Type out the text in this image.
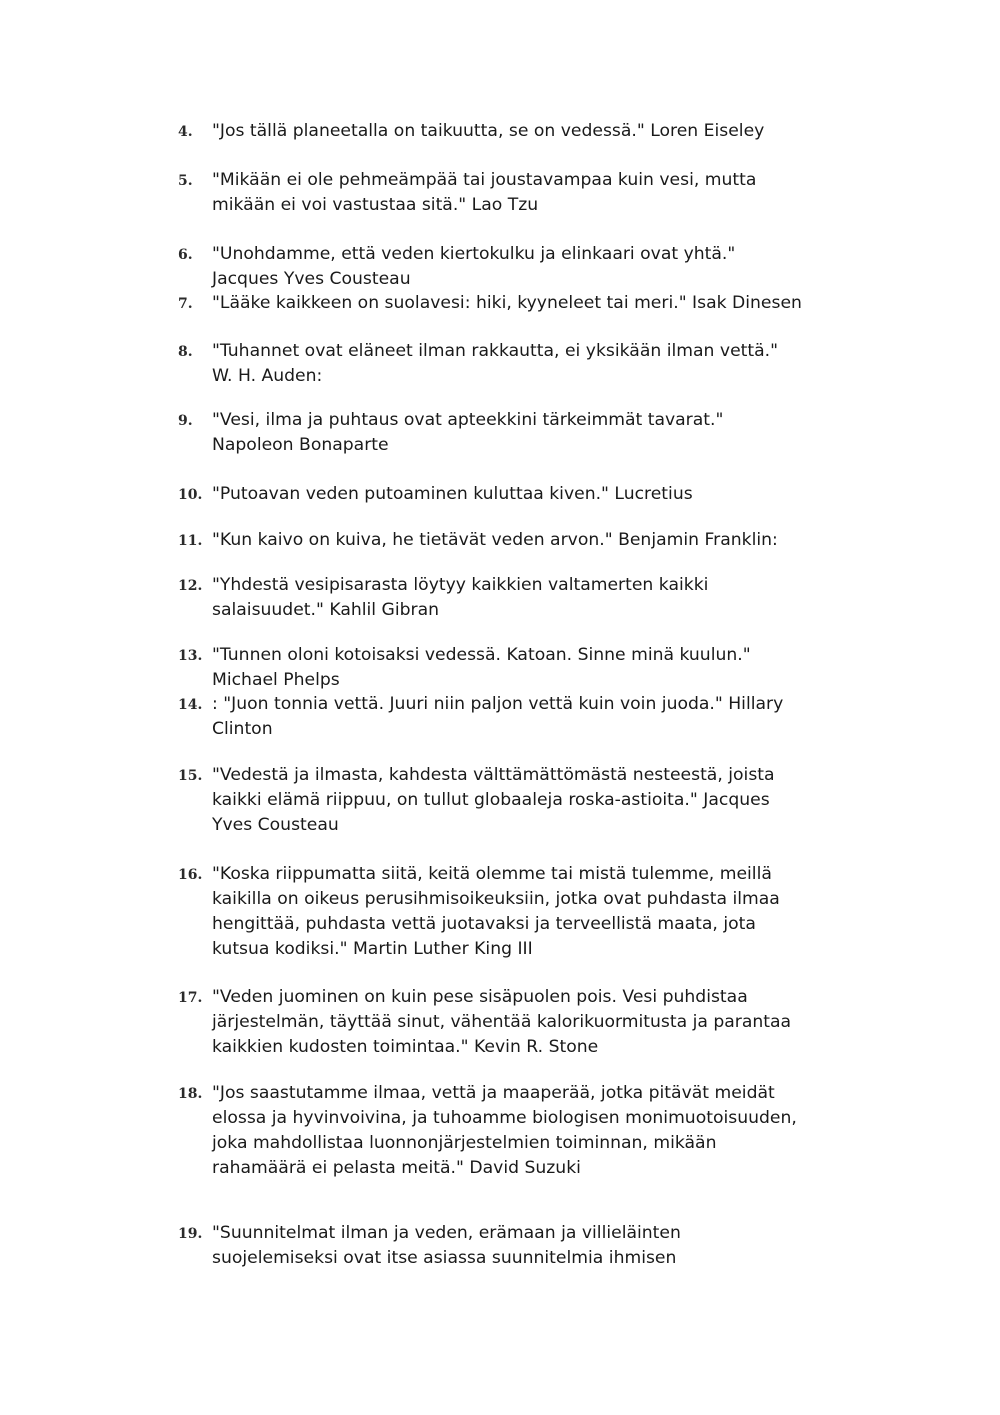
4.	"Jos tällä planeetalla on taikuutta, se on vedessä." Loren Eiseley
5.	"Mikään ei ole pehmeämpää tai joustavampaa kuin vesi, mutta
mikään ei voi vastustaa sitä." Lao Tzu
6.	"Unohdamme, että veden kiertokulku ja elinkaari ovat yhtä."
Jacques Yves Cousteau
7.	"Lääke kaikkeen on suolavesi: hiki, kyyneleet tai meri." Isak Dinesen
8.	"Tuhannet ovat eläneet ilman rakkautta, ei yksikään ilman vettä."
W. H. Auden:
9.	"Vesi, ilma ja puhtaus ovat apteekkini tärkeimmät tavarat."
Napoleon Bonaparte
10. "Putoavan veden putoaminen kuluttaa kiven." Lucretius
11. "Kun kaivo on kuiva, he tietävät veden arvon." Benjamin Franklin:
12. "Yhdestä vesipisarasta löytyy kaikkien valtamerten kaikki
salaisuudet." Kahlil Gibran
13. "Tunnen oloni kotoisaksi vedessä. Katoan. Sinne minä kuulun."
Michael Phelps
14. : "Juon tonnia vettä. Juuri niin paljon vettä kuin voin juoda." Hillary
Clinton
15. "Vedestä ja ilmasta, kahdesta välttämättömästä nesteestä, joista
kaikki elämä riippuu, on tullut globaaleja roska-astioita." Jacques
Yves Cousteau
16. "Koska riippumatta siitä, keitä olemme tai mistä tulemme, meillä
kaikilla on oikeus perusihmisoikeuksiin, jotka ovat puhdasta ilmaa
hengittää, puhdasta vettä juotavaksi ja terveellistä maata, jota
kutsua kodiksi." Martin Luther King III
17. "Veden juominen on kuin pese sisäpuolen pois. Vesi puhdistaa
järjestelmän, täyttää sinut, vähentää kalorikuormitusta ja parantaa
kaikkien kudosten toimintaa." Kevin R. Stone
18. "Jos saastutamme ilmaa, vettä ja maaperää, jotka pitävät meidät
elossa ja hyvinvoivina, ja tuhoamme biologisen monimuotoisuuden,
joka mahdollistaa luonnonjärjestelmien toiminnan, mikään
rahamäärä ei pelasta meitä." David Suzuki
19. "Suunnitelmat ilman ja veden, erämaan ja villieläinten
suojelemiseksi ovat itse asiassa suunnitelmia ihmisen
